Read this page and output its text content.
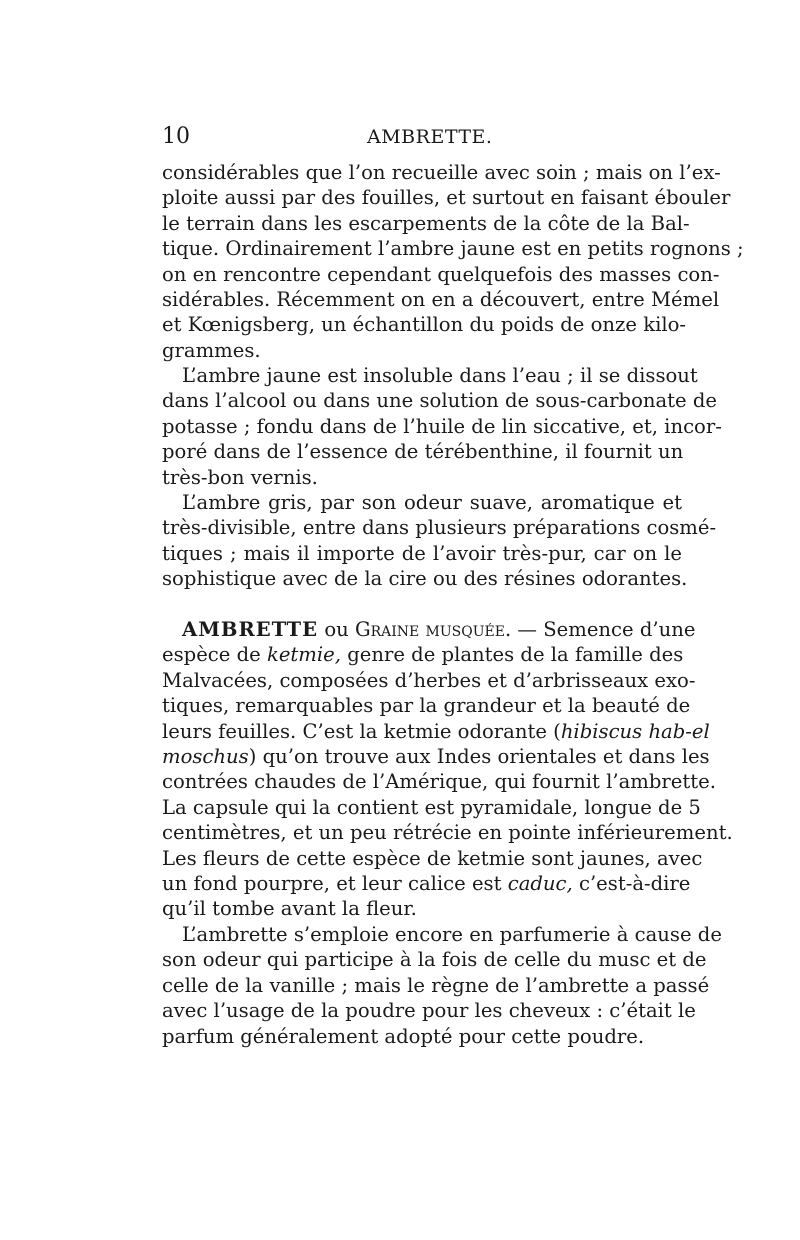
10	AMBRETTE.
considérables que l’on recueille avec soin ; mais on l’ex-
ploite aussi par des fouilles, et surtout en faisant ébouler
le terrain dans les escarpements de la côte de la Bal-
tique. Ordinairement l’ambre jaune est en petits rognons ;
on en rencontre cependant quelquefois des masses con-
sidérables. Récemment on en a découvert, entre Mémel
et Kœnigsberg, un échantillon du poids de onze kilo-
grammes.
L’ambre jaune est insoluble dans l’eau ; il se dissout
dans l’alcool ou dans une solution de sous-carbonate de
potasse ; fondu dans de l’huile de lin siccative, et, incor-
poré dans de l’essence de térébenthine, il fournit un
très-bon vernis.
L’ambre gris, par son odeur suave, aromatique et
très-divisible, entre dans plusieurs préparations cosmé-
tiques ; mais il importe de l’avoir très-pur, car on le
sophistique avec de la cire ou des résines odorantes.
AMBRETTE ou Graine musquée. — Semence d’une
espèce de ketmie, genre de plantes de la famille des
Malvacées, composées d’herbes et d’arbrisseaux exo-
tiques, remarquables par la grandeur et la beauté de
leurs feuilles. C’est la ketmie odorante (hibiscus hab-el
moschus) qu’on trouve aux Indes orientales et dans les
contrées chaudes de l’Amérique, qui fournit l’ambrette.
La capsule qui la contient est pyramidale, longue de 5
centimètres, et un peu rétrécie en pointe inférieurement.
Les fleurs de cette espèce de ketmie sont jaunes, avec
un fond pourpre, et leur calice est caduc, c’est-à-dire
qu’il tombe avant la fleur.
L’ambrette s’emploie encore en parfumerie à cause de
son odeur qui participe à la fois de celle du musc et de
celle de la vanille ; mais le règne de l’ambrette a passé
avec l’usage de la poudre pour les cheveux : c’était le
parfum généralement adopté pour cette poudre.
